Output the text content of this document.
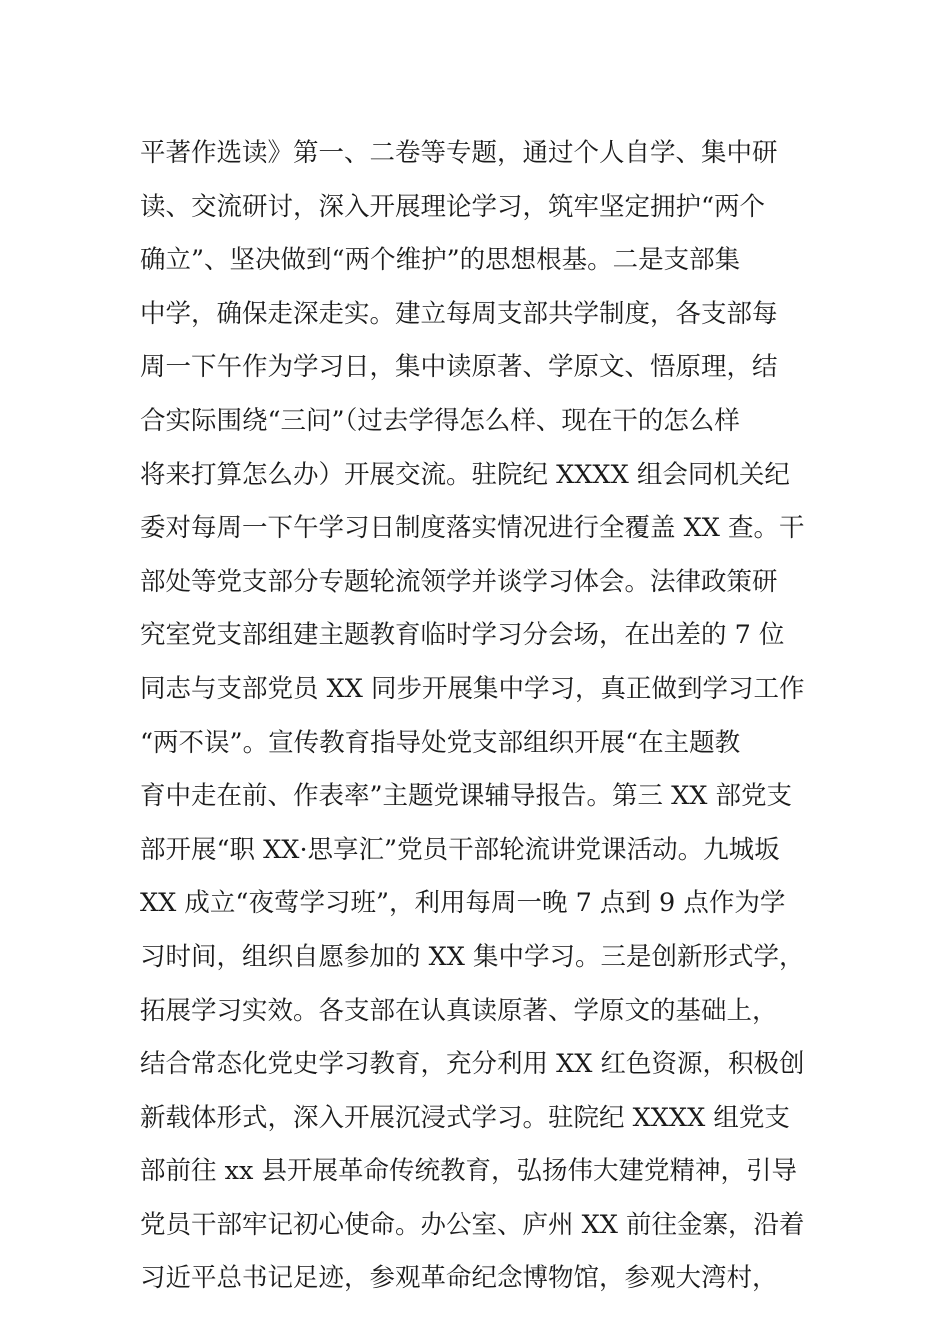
平著作选读》第一、二卷等专题，通过个人自学、集中研
读、交流研讨，深入开展理论学习，筑牢坚定拥护“两个
确立”、坚决做到“两个维护”的思想根基。二是支部集
中学，确保走深走实。建立每周支部共学制度，各支部每
周一下午作为学习日，集中读原著、学原文、悟原理，结
合实际围绕“三问”（过去学得怎么样、现在干的怎么样
将来打算怎么办）开展交流。驻院纪 XXXX 组会同机关纪
委对每周一下午学习日制度落实情况进行全覆盖 XX 查。干
部处等党支部分专题轮流领学并谈学习体会。法律政策研
究室党支部组建主题教育临时学习分会场，在出差的 7 位
同志与支部党员 XX 同步开展集中学习，真正做到学习工作
“两不误”。宣传教育指导处党支部组织开展“在主题教
育中走在前、作表率”主题党课辅导报告。第三 XX 部党支
部开展“职 XX·思享汇”党员干部轮流讲党课活动。九城坂
XX 成立“夜莺学习班”，利用每周一晚 7 点到 9 点作为学
习时间，组织自愿参加的 XX 集中学习。三是创新形式学，
拓展学习实效。各支部在认真读原著、学原文的基础上，
结合常态化党史学习教育，充分利用 XX 红色资源，积极创
新载体形式，深入开展沉浸式学习。驻院纪 XXXX 组党支
部前往 xx 县开展革命传统教育，弘扬伟大建党精神，引导
党员干部牢记初心使命。办公室、庐州 XX 前往金寨，沿着
习近平总书记足迹，参观革命纪念博物馆，参观大湾村，
